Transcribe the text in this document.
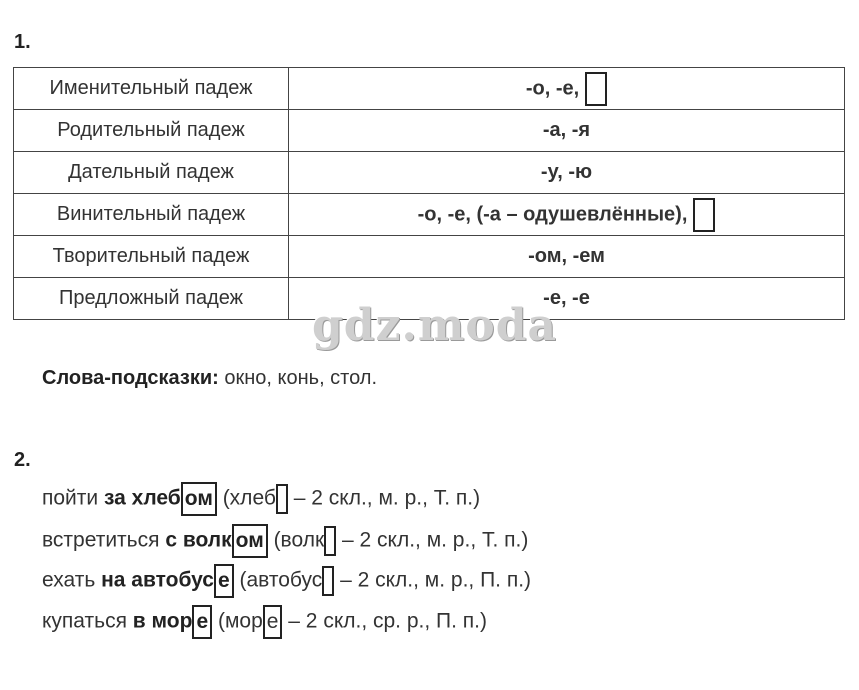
1.
Именительный падеж	-о, -е,
Родительный падеж	-а, -я
Дательный падеж	-у, -ю
Винительный падеж	-о, -е, (-а – одушевлённые),
Творительный падеж	-ом, -ем
Предложный падеж	-е, -е
gdz.moda
Слова-подсказки: окно, конь, стол.
2.
пойти за хлеб ом (хлеб – 2 скл., м. р., Т. п.)
встретиться с волк ом (волк – 2 скл., м. р., Т. п.)
ехать на автобус е (автобус – 2 скл., м. р., П. п.)
купаться в мор е (мор е – 2 скл., ср. р., П. п.)
